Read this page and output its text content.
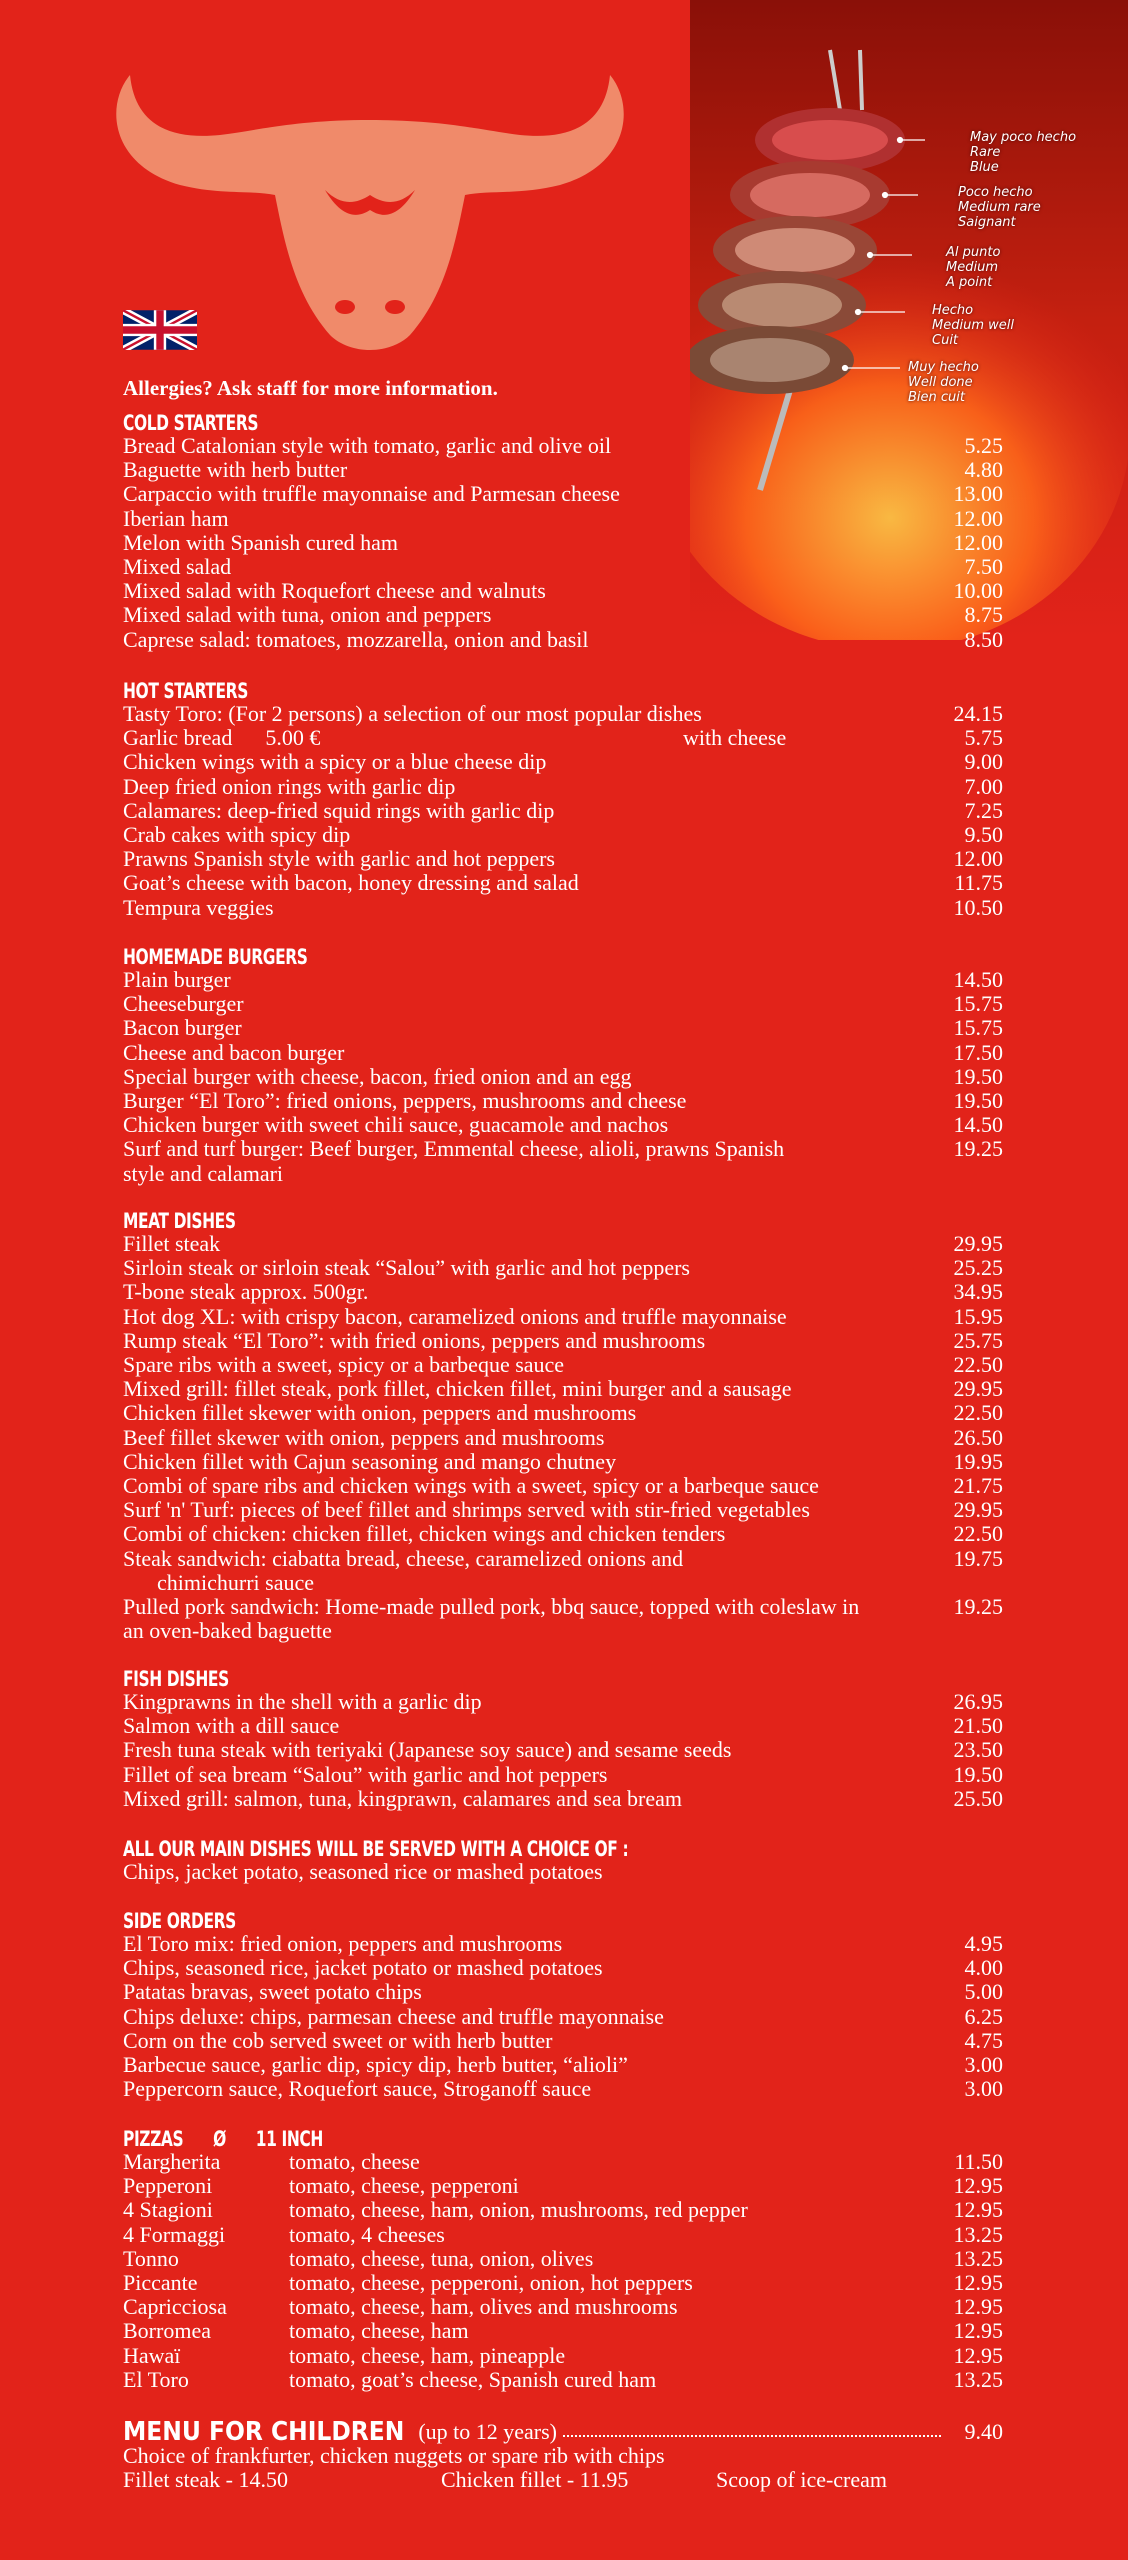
May poco hecho
Rare
Blue
Poco hecho
Medium rare
Saignant
Al punto
Medium
A point
Hecho
Medium well
Cuit
Muy hecho
Well done
Bien cuit
Allergies? Ask staff for more information.
COLD STARTERS
Bread Catalonian style with tomato, garlic and olive oil	5.25
Baguette with herb butter	4.80
Carpaccio with truffle mayonnaise and Parmesan cheese	13.00
Iberian ham	12.00
Melon with Spanish cured ham	12.00
Mixed salad	7.50
Mixed salad with Roquefort cheese and walnuts	10.00
Mixed salad with tuna, onion and peppers	8.75
Caprese salad: tomatoes, mozzarella, onion and basil	8.50
HOT STARTERS
Tasty Toro: (For 2 persons) a selection of our most popular dishes	24.15
Garlic bread      5.00 €	with cheese	5.75
Chicken wings with a spicy or a blue cheese dip	9.00
Deep fried onion rings with garlic dip	7.00
Calamares: deep-fried squid rings with garlic dip	7.25
Crab cakes with spicy dip	9.50
Prawns Spanish style with garlic and hot peppers	12.00
Goat’s cheese with bacon, honey dressing and salad	11.75
Tempura veggies	10.50
HOMEMADE BURGERS
Plain burger	14.50
Cheeseburger	15.75
Bacon burger	15.75
Cheese and bacon burger	17.50
Special burger with cheese, bacon, fried onion and an egg	19.50
Burger “El Toro”: fried onions, peppers, mushrooms and cheese	19.50
Chicken burger with sweet chili sauce, guacamole and nachos	14.50
Surf and turf burger: Beef burger, Emmental cheese, alioli, prawns Spanish style and calamari
19.25
MEAT DISHES
Fillet steak	29.95
Sirloin steak or sirloin steak “Salou” with garlic and hot peppers	25.25
T-bone steak approx. 500gr.	34.95
Hot dog XL: with crispy bacon, caramelized onions and truffle mayonnaise	15.95
Rump steak “El Toro”: with fried onions, peppers and mushrooms	25.75
Spare ribs with a sweet, spicy or a barbeque sauce	22.50
Mixed grill: fillet steak, pork fillet, chicken fillet, mini burger and a sausage	29.95
Chicken fillet skewer with onion, peppers and mushrooms	22.50
Beef fillet skewer with onion, peppers and mushrooms	26.50
Chicken fillet with Cajun seasoning and mango chutney	19.95
Combi of spare ribs and chicken wings with a sweet, spicy or a barbeque sauce	21.75
Surf 'n' Turf: pieces of beef fillet and shrimps served with stir-fried vegetables	29.95
Combi of chicken: chicken fillet, chicken wings and chicken tenders	22.50
Steak sandwich: ciabatta bread, cheese, caramelized onions and
chimichurri sauce
19.75
Pulled pork sandwich: Home-made pulled pork, bbq sauce, topped with coleslaw in an oven-baked baguette
19.25
FISH DISHES
Kingprawns in the shell with a garlic dip	26.95
Salmon with a dill sauce	21.50
Fresh tuna steak with teriyaki (Japanese soy sauce) and sesame seeds	23.50
Fillet of sea bream “Salou” with garlic and hot peppers	19.50
Mixed grill: salmon, tuna, kingprawn, calamares and sea bream	25.50
ALL OUR MAIN DISHES WILL BE SERVED WITH A CHOICE OF :
Chips, jacket potato, seasoned rice or mashed potatoes
SIDE ORDERS
El Toro mix: fried onion, peppers and mushrooms	4.95
Chips, seasoned rice, jacket potato or mashed potatoes	4.00
Patatas bravas, sweet potato chips	5.00
Chips deluxe: chips, parmesan cheese and truffle mayonnaise	6.25
Corn on the cob served sweet or with herb butter	4.75
Barbecue sauce, garlic dip, spicy dip, herb butter, “alioli”	3.00
Peppercorn sauce, Roquefort sauce, Stroganoff sauce	3.00
PIZZAS      Ø      11 INCH
Margherita	tomato, cheese	11.50
Pepperoni	tomato, cheese, pepperoni	12.95
4 Stagioni	tomato, cheese, ham, onion, mushrooms, red pepper	12.95
4 Formaggi	tomato, 4 cheeses	13.25
Tonno	tomato, cheese, tuna, onion, olives	13.25
Piccante	tomato, cheese, pepperoni, onion, hot peppers	12.95
Capricciosa	tomato, cheese, ham, olives and mushrooms	12.95
Borromea	tomato, cheese, ham	12.95
Hawaï	tomato, cheese, ham, pineapple	12.95
El Toro	tomato, goat’s cheese, Spanish cured ham	13.25
MENU FOR CHILDREN (up to 12 years)	9.40
Choice of frankfurter, chicken nuggets or spare rib with chips
Fillet steak - 14.50	Chicken fillet - 11.95	Scoop of ice-cream
